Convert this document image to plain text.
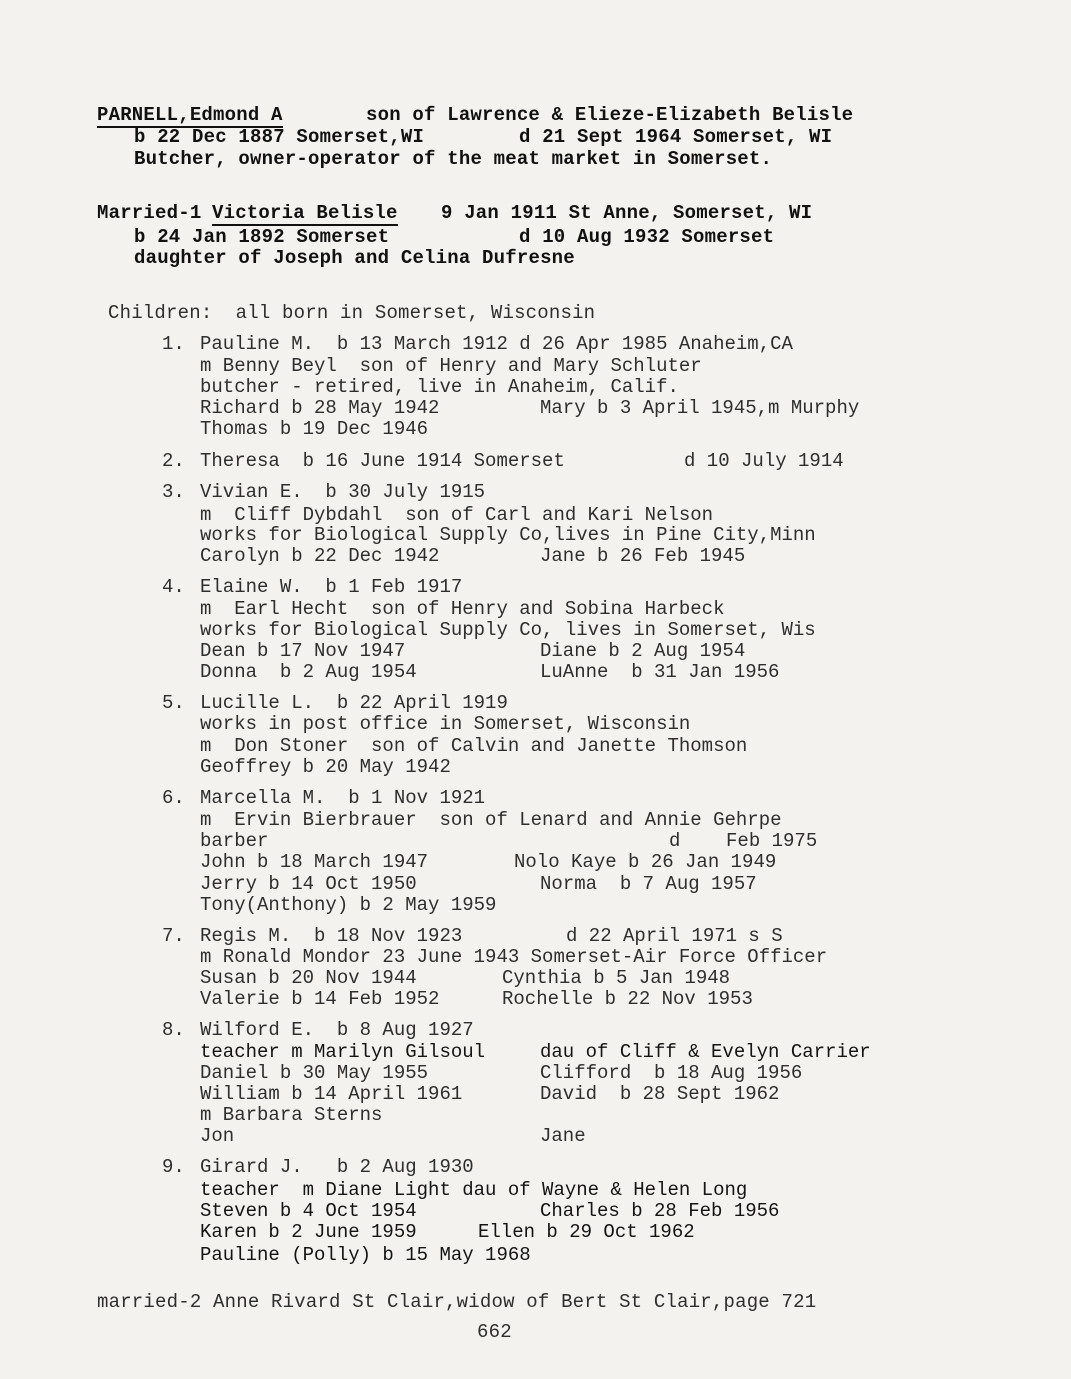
PARNELL,Edmond A	son of Lawrence & Elieze-Elizabeth Belisle
b 22 Dec 1887 Somerset,WI	d 21 Sept 1964 Somerset, WI
Butcher, owner-operator of the meat market in Somerset.
Married-1 Victoria Belisle 9 Jan 1911 St Anne, Somerset, WI
b 24 Jan 1892 Somerset	d 10 Aug 1932 Somerset
daughter of Joseph and Celina Dufresne
Children:  all born in Somerset, Wisconsin
1. Pauline M.  b 13 March 1912 d 26 Apr 1985 Anaheim,CA
m Benny Beyl  son of Henry and Mary Schluter
butcher - retired, live in Anaheim, Calif.
Richard b 28 May 1942	Mary b 3 April 1945,m Murphy
Thomas b 19 Dec 1946
2. Theresa  b 16 June 1914 Somerset	d 10 July 1914
3. Vivian E.  b 30 July 1915
m  Cliff Dybdahl  son of Carl and Kari Nelson
works for Biological Supply Co,lives in Pine City,Minn
Carolyn b 22 Dec 1942	Jane b 26 Feb 1945
4. Elaine W.  b 1 Feb 1917
m  Earl Hecht  son of Henry and Sobina Harbeck
works for Biological Supply Co, lives in Somerset, Wis
Dean b 17 Nov 1947	Diane b 2 Aug 1954
Donna  b 2 Aug 1954	LuAnne  b 31 Jan 1956
5. Lucille L.  b 22 April 1919
works in post office in Somerset, Wisconsin
m  Don Stoner  son of Calvin and Janette Thomson
Geoffrey b 20 May 1942
6. Marcella M.  b 1 Nov 1921
m  Ervin Bierbrauer  son of Lenard and Annie Gehrpe
barber	d    Feb 1975
John b 18 March 1947	Nolo Kaye b 26 Jan 1949
Jerry b 14 Oct 1950	Norma  b 7 Aug 1957
Tony(Anthony) b 2 May 1959
7. Regis M.  b 18 Nov 1923	d 22 April 1971 s S
m Ronald Mondor 23 June 1943 Somerset-Air Force Officer
Susan b 20 Nov 1944	Cynthia b 5 Jan 1948
Valerie b 14 Feb 1952	Rochelle b 22 Nov 1953
8. Wilford E.  b 8 Aug 1927
teacher m Marilyn Gilsoul	dau of Cliff & Evelyn Carrier
Daniel b 30 May 1955	Clifford  b 18 Aug 1956
William b 14 April 1961	David  b 28 Sept 1962
m Barbara Sterns
Jon	Jane
9. Girard J.   b 2 Aug 1930
teacher  m Diane Light dau of Wayne & Helen Long
Steven b 4 Oct 1954	Charles b 28 Feb 1956
Karen b 2 June 1959	Ellen b 29 Oct 1962
Pauline (Polly) b 15 May 1968
married-2 Anne Rivard St Clair,widow of Bert St Clair,page 721
662
